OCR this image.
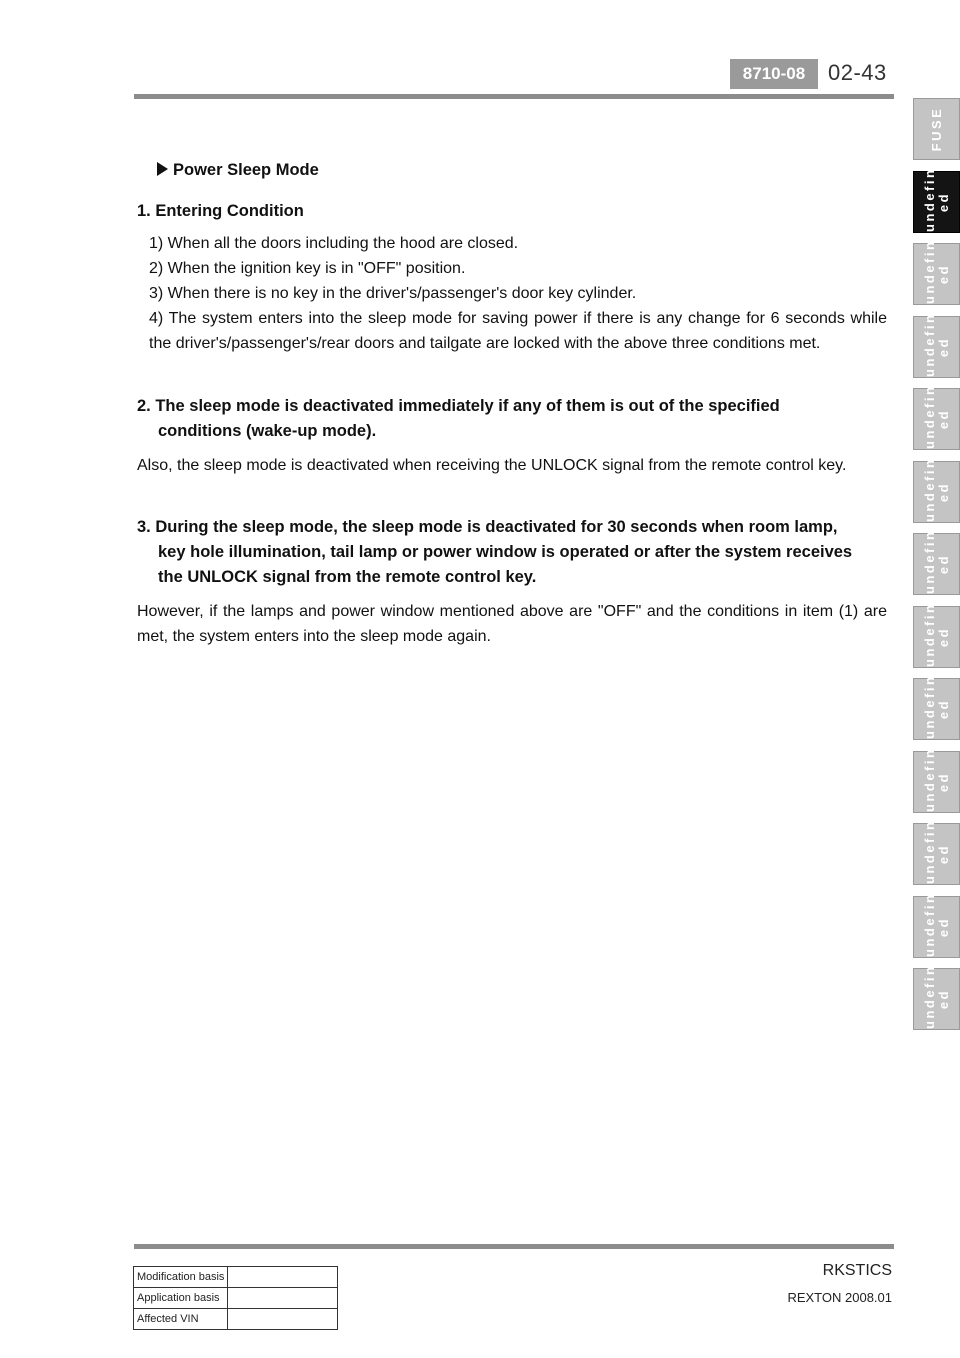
8710-08	02-43
FUSE
undefin
ed
undefin
ed
undefin
ed
undefin
ed
undefin
ed
undefin
ed
undefin
ed
undefin
ed
undefin
ed
undefin
ed
undefin
ed
undefin
ed
Power Sleep Mode
1. Entering Condition
1) When all the doors including the hood are closed.
2) When the ignition key is in "OFF" position.
3) When there is no key in the driver's/passenger's door key cylinder.
4) The system enters into the sleep mode for saving power if there is any change for 6 seconds while the driver's/passenger's/rear doors and tailgate are locked with the above three conditions met.
2. The sleep mode is deactivated immediately if any of them is out of the specified conditions (wake-up mode).
Also, the sleep mode is deactivated when receiving the UNLOCK signal from the remote control key.
3. During the sleep mode, the sleep mode is deactivated for 30 seconds when room lamp, key hole illumination, tail lamp or power window is operated or after the system receives the UNLOCK signal from the remote control key.
However, if the lamps and power window mentioned above are "OFF" and the conditions in item (1) are met, the system enters into the sleep mode again.
RKSTICS
REXTON 2008.01
Modification basis	
Application basis	
Affected VIN	
